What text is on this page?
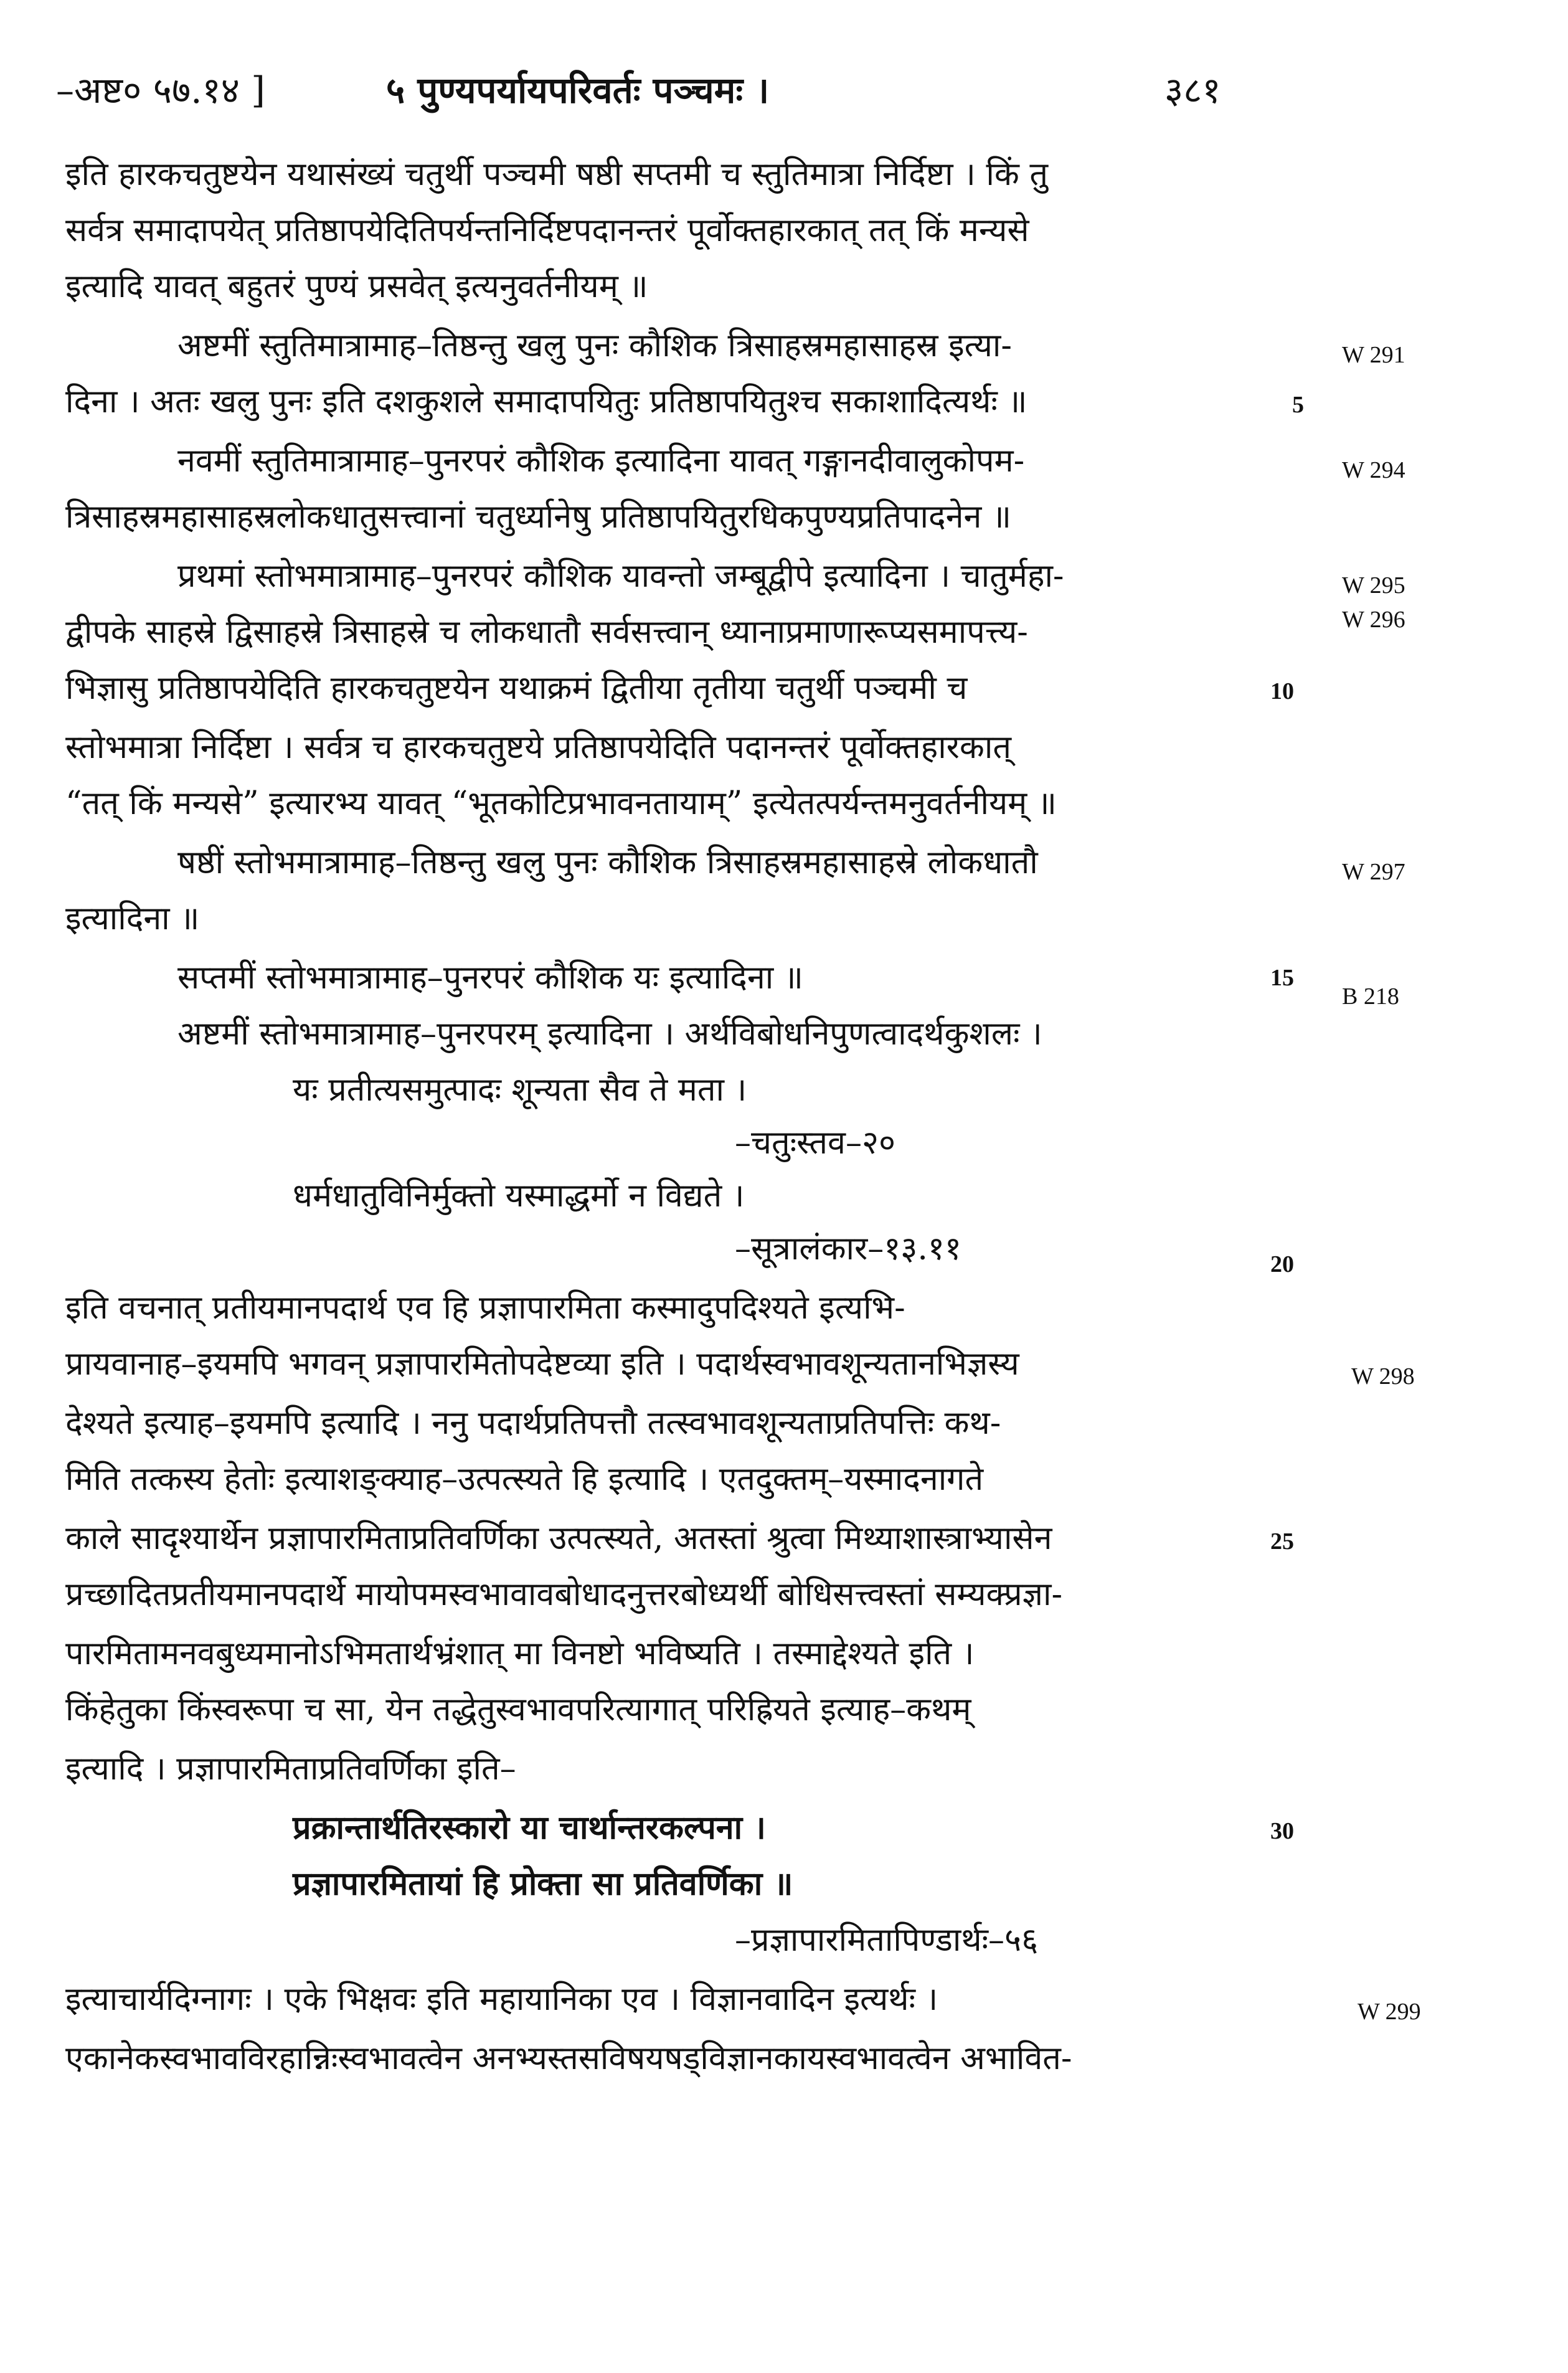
–अष्ट० ५७.१४ ]	५ पुण्यपर्यायपरिवर्तः पञ्चमः ।	३८१
इति हारकचतुष्टयेन यथासंख्यं चतुर्थी पञ्चमी षष्ठी सप्तमी च स्तुतिमात्रा निर्दिष्टा । किं तु
सर्वत्र समादापयेत् प्रतिष्ठापयेदितिपर्यन्तनिर्दिष्टपदानन्तरं पूर्वोक्तहारकात् तत् किं मन्यसे
इत्यादि यावत् बहुतरं पुण्यं प्रसवेत् इत्यनुवर्तनीयम् ॥
अष्टमीं स्तुतिमात्रामाह–तिष्ठन्तु खलु पुनः कौशिक त्रिसाहस्रमहासाहस्र इत्या-
दिना । अतः खलु पुनः इति दशकुशले समादापयितुः प्रतिष्ठापयितुश्च सकाशादित्यर्थः ॥
नवमीं स्तुतिमात्रामाह–पुनरपरं कौशिक इत्यादिना यावत् गङ्गानदीवालुकोपम-
त्रिसाहस्रमहासाहस्रलोकधातुसत्त्वानां चतुर्ध्यानेषु प्रतिष्ठापयितुरधिकपुण्यप्रतिपादनेन ॥
प्रथमां स्तोभमात्रामाह–पुनरपरं कौशिक यावन्तो जम्बूद्वीपे इत्यादिना । चातुर्महा-
द्वीपके साहस्रे द्विसाहस्रे त्रिसाहस्रे च लोकधातौ सर्वसत्त्वान् ध्यानाप्रमाणारूप्यसमापत्त्य-
भिज्ञासु प्रतिष्ठापयेदिति हारकचतुष्टयेन यथाक्रमं द्वितीया तृतीया चतुर्थी पञ्चमी च
स्तोभमात्रा निर्दिष्टा । सर्वत्र च हारकचतुष्टये प्रतिष्ठापयेदिति पदानन्तरं पूर्वोक्तहारकात्
“तत् किं मन्यसे” इत्यारभ्य यावत् “भूतकोटिप्रभावनतायाम्” इत्येतत्पर्यन्तमनुवर्तनीयम् ॥
षष्ठीं स्तोभमात्रामाह–तिष्ठन्तु खलु पुनः कौशिक त्रिसाहस्रमहासाहस्रे लोकधातौ
इत्यादिना ॥
सप्तमीं स्तोभमात्रामाह–पुनरपरं कौशिक यः इत्यादिना ॥
अष्टमीं स्तोभमात्रामाह–पुनरपरम् इत्यादिना । अर्थविबोधनिपुणत्वादर्थकुशलः ।
यः प्रतीत्यसमुत्पादः शून्यता सैव ते मता ।
–चतुःस्तव–२०
धर्मधातुविनिर्मुक्तो यस्माद्धर्मो न विद्यते ।
–सूत्रालंकार–१३.११
इति वचनात् प्रतीयमानपदार्थ एव हि प्रज्ञापारमिता कस्मादुपदिश्यते इत्यभि-
प्रायवानाह–इयमपि भगवन् प्रज्ञापारमितोपदेष्टव्या इति । पदार्थस्वभावशून्यतानभिज्ञस्य
देश्यते इत्याह–इयमपि इत्यादि । ननु पदार्थप्रतिपत्तौ तत्स्वभावशून्यताप्रतिपत्तिः कथ-
मिति तत्कस्य हेतोः इत्याशङ्क्याह–उत्पत्स्यते हि इत्यादि । एतदुक्तम्–यस्मादनागते
काले सादृश्यार्थेन प्रज्ञापारमिताप्रतिवर्णिका उत्पत्स्यते, अतस्तां श्रुत्वा मिथ्याशास्त्राभ्यासेन
प्रच्छादितप्रतीयमानपदार्थे मायोपमस्वभावावबोधादनुत्तरबोध्यर्थी बोधिसत्त्वस्तां सम्यक्प्रज्ञा-
पारमितामनवबुध्यमानोऽभिमतार्थभ्रंशात् मा विनष्टो भविष्यति । तस्माद्देश्यते इति ।
किंहेतुका किंस्वरूपा च सा, येन तद्धेतुस्वभावपरित्यागात् परिह्रियते इत्याह–कथम्
इत्यादि । प्रज्ञापारमिताप्रतिवर्णिका इति–
प्रक्रान्तार्थतिरस्कारो या चार्थान्तरकल्पना ।
प्रज्ञापारमितायां हि प्रोक्ता सा प्रतिवर्णिका ॥
–प्रज्ञापारमितापिण्डार्थः–५६
इत्याचार्यदिग्नागः । एके भिक्षवः इति महायानिका एव । विज्ञानवादिन इत्यर्थः ।
एकानेकस्वभावविरहान्निःस्वभावत्वेन अनभ्यस्तसविषयषड्विज्ञानकायस्वभावत्वेन अभावित-
W 291
W 294
W 295
W 296
W 297
B 218
W 298
W 299
5
10
15
20
25
30
